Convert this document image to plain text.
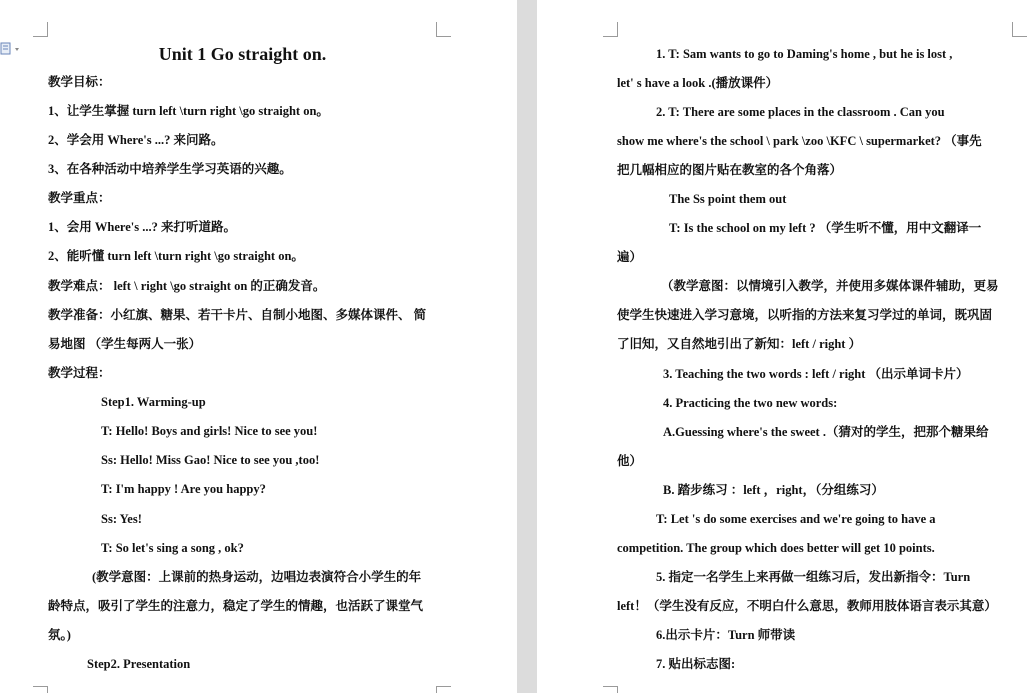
Unit 1 Go straight on.
教学目标：
1、让学生掌握 turn left \turn right \go straight on。
2、学会用 Where's ...? 来问路。
3、在各种活动中培养学生学习英语的兴趣。
教学重点：
1、会用 Where's ...? 来打听道路。
2、能听懂 turn left \turn right \go straight on。
教学难点： left \ right \go straight on 的正确发音。
教学准备：小红旗、糖果、若干卡片、自制小地图、多媒体课件、 简
易地图 （学生每两人一张）
教学过程：
Step1. Warming-up
T: Hello! Boys and girls! Nice to see you!
Ss: Hello! Miss Gao! Nice to see you ,too!
T: I'm happy ! Are you happy?
Ss: Yes!
T: So let's sing a song , ok?
(教学意图：上课前的热身运动，边唱边表演符合小学生的年
龄特点，吸引了学生的注意力，稳定了学生的情趣，也活跃了课堂气
氛。)
Step2. Presentation
1. T: Sam wants to go to Daming's home , but he is lost ,
let' s have a look .(播放课件）
2. T: There are some places in the classroom . Can you
show me where's the school \ park \zoo \KFC \ supermarket? （事先
把几幅相应的图片贴在教室的各个角落）
The Ss point them out
T: Is the school on my left ? （学生听不懂，用中文翻译一
遍）
（教学意图：以情境引入教学，并使用多媒体课件辅助，更易
使学生快速进入学习意境，以听指的方法来复习学过的单词，既巩固
了旧知，又自然地引出了新知：left / right ）
3. Teaching the two words : left / right （出示单词卡片）
4. Practicing the two new words:
A.Guessing where's the sweet .（猜对的学生，把那个糖果给
他）
B. 踏步练习 ：left ，right，（分组练习）
T: Let 's do some exercises and we're going to have a
competition. The group which does better will get 10 points.
5. 指定一名学生上来再做一组练习后，发出新指令：Turn
left！（学生没有反应，不明白什么意思，教师用肢体语言表示其意）
6.出示卡片：Turn 师带读
7. 贴出标志图:
